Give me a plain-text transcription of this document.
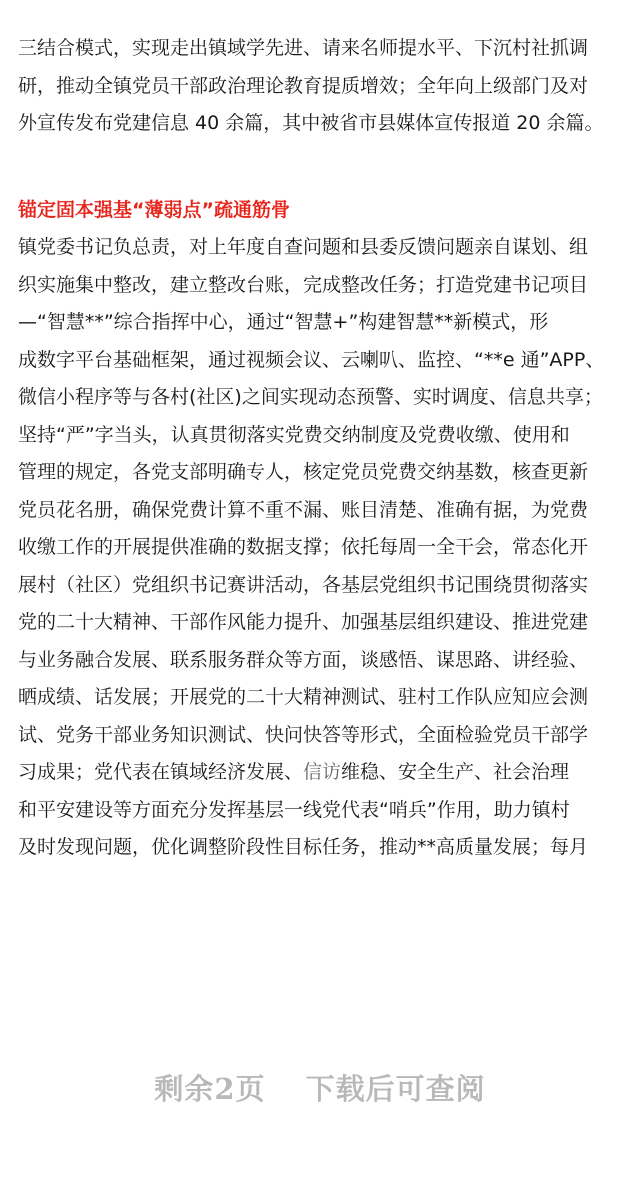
三结合模式，实现走出镇域学先进、请来名师提水平、下沉村社抓调
研，推动全镇党员干部政治理论教育提质增效；全年向上级部门及对
外宣传发布党建信息 40 余篇，其中被省市县媒体宣传报道 20 余篇。

锚定固本强基“薄弱点”疏通筋骨

镇党委书记负总责，对上年度自查问题和县委反馈问题亲自谋划、组
织实施集中整改，建立整改台账，完成整改任务；打造党建书记项目
—“智慧**”综合指挥中心，通过“智慧+”构建智慧**新模式，形
成数字平台基础框架，通过视频会议、云喇叭、监控、“**e 通”APP、
微信小程序等与各村(社区)之间实现动态预警、实时调度、信息共享；
坚持“严”字当头，认真贯彻落实党费交纳制度及党费收缴、使用和
管理的规定，各党支部明确专人，核定党员党费交纳基数，核查更新
党员花名册，确保党费计算不重不漏、账目清楚、准确有据，为党费
收缴工作的开展提供准确的数据支撑；依托每周一全干会，常态化开
展村（社区）党组织书记赛讲活动，各基层党组织书记围绕贯彻落实
党的二十大精神、干部作风能力提升、加强基层组织建设、推进党建
与业务融合发展、联系服务群众等方面，谈感悟、谋思路、讲经验、
晒成绩、话发展；开展党的二十大精神测试、驻村工作队应知应会测
试、党务干部业务知识测试、快问快答等形式，全面检验党员干部学
习成果；党代表在镇域经济发展、信访维稳、安全生产、社会治理
和平安建设等方面充分发挥基层一线党代表“哨兵”作用，助力镇村
及时发现问题，优化调整阶段性目标任务，推动**高质量发展；每月

剩余2页 下载后可查阅
